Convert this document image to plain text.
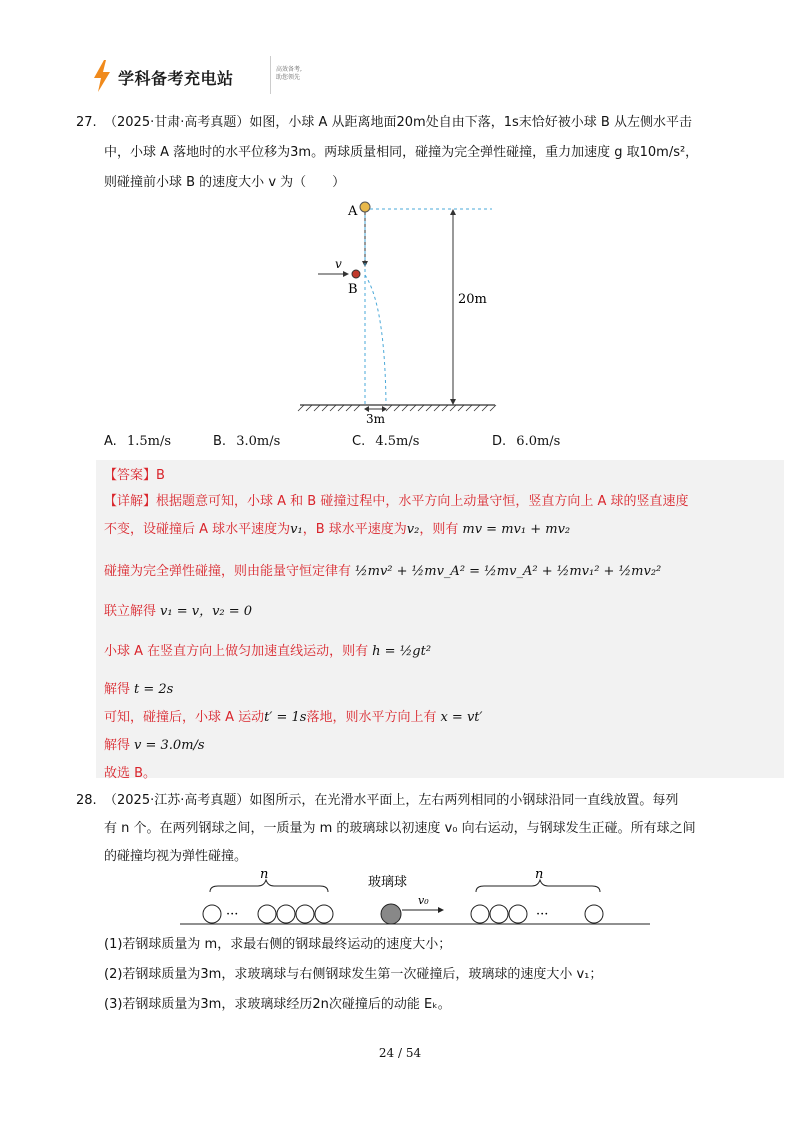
学科备考充电站	高效备考,
助您领先
27. （2025·甘肃·高考真题）如图，小球 A 从距离地面20m处自由下落，1s末恰好被小球 B 从左侧水平击
中，小球 A 落地时的水平位移为3m。两球质量相同，碰撞为完全弹性碰撞，重力加速度 g 取10m/s²，
则碰撞前小球 B 的速度大小 v 为（　　）
A
B
v
20m
3m
A. 1.5m/s	B. 3.0m/s	C. 4.5m/s	D. 6.0m/s
【答案】B
【详解】根据题意可知，小球 A 和 B 碰撞过程中，水平方向上动量守恒，竖直方向上 A 球的竖直速度
不变，设碰撞后 A 球水平速度为v₁，B 球水平速度为v₂，则有 mv = mv₁ + mv₂
碰撞为完全弹性碰撞，则由能量守恒定律有 ½mv² + ½mv_A² = ½mv_A² + ½mv₁² + ½mv₂²
联立解得 v₁ = v，v₂ = 0
小球 A 在竖直方向上做匀加速直线运动，则有 h = ½gt²
解得 t = 2s
可知，碰撞后，小球 A 运动t′ = 1s落地，则水平方向上有 x = vt′
解得 v = 3.0m/s
故选 B。
28. （2025·江苏·高考真题）如图所示，在光滑水平面上，左右两列相同的小钢球沿同一直线放置。每列
有 n 个。在两列钢球之间，一质量为 m 的玻璃球以初速度 v₀ 向右运动，与钢球发生正碰。所有球之间
的碰撞均视为弹性碰撞。
n	n
玻璃球
···
v₀
···
(1)若钢球质量为 m，求最右侧的钢球最终运动的速度大小；
(2)若钢球质量为3m，求玻璃球与右侧钢球发生第一次碰撞后，玻璃球的速度大小 v₁；
(3)若钢球质量为3m，求玻璃球经历2n次碰撞后的动能 Eₖ。
24 / 54
